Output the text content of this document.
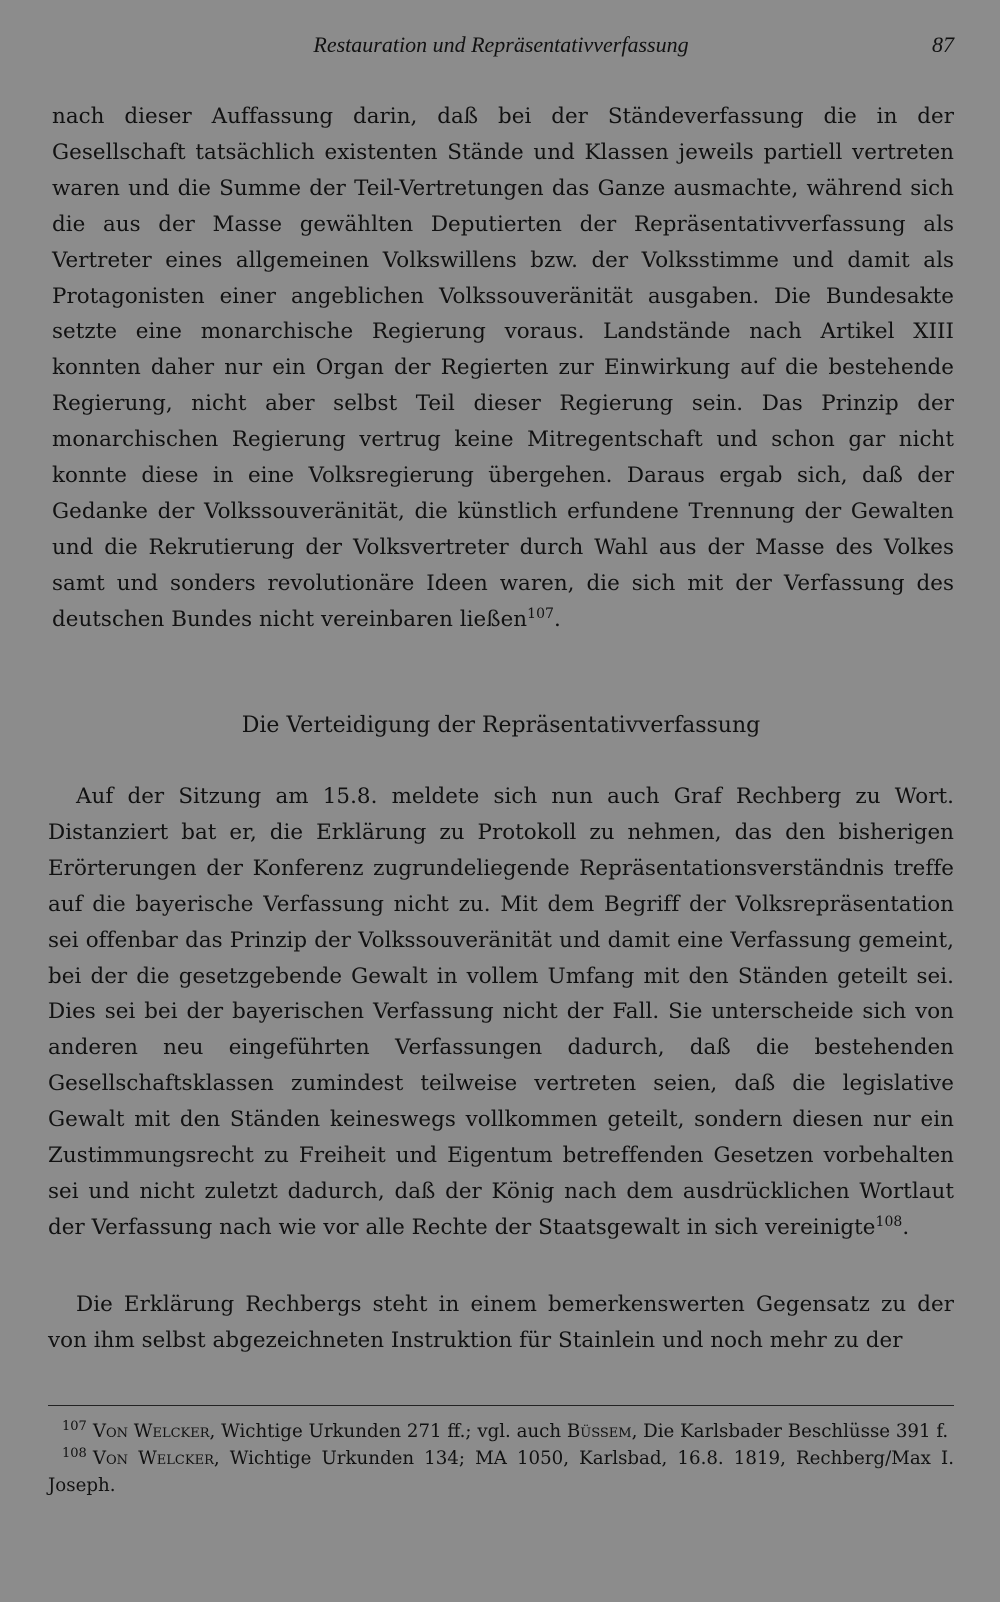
Restauration und Repräsentativverfassung	87

nach dieser Auffassung darin, daß bei der Ständeverfassung die in der Gesellschaft tatsächlich existenten Stände und Klassen jeweils partiell vertreten waren und die Summe der Teil-Vertretungen das Ganze ausmachte, während sich die aus der Masse gewählten Deputierten der Repräsentativverfassung als Vertreter eines allgemeinen Volkswillens bzw. der Volksstimme und damit als Protagonisten einer angeblichen Volkssouveränität ausgaben. Die Bundesakte setzte eine monarchische Regierung voraus. Landstände nach Artikel XIII konnten daher nur ein Organ der Regierten zur Einwirkung auf die bestehende Regierung, nicht aber selbst Teil dieser Regierung sein. Das Prinzip der monarchischen Regierung vertrug keine Mitregentschaft und schon gar nicht konnte diese in eine Volksregierung übergehen. Daraus ergab sich, daß der Gedanke der Volkssouveränität, die künstlich erfundene Trennung der Gewalten und die Rekrutierung der Volksvertreter durch Wahl aus der Masse des Volkes samt und sonders revolutionäre Ideen waren, die sich mit der Verfassung des deutschen Bundes nicht vereinbaren ließen$^{107}$.

Die Verteidigung der Repräsentativverfassung

Auf der Sitzung am 15.8. meldete sich nun auch Graf Rechberg zu Wort. Distanziert bat er, die Erklärung zu Protokoll zu nehmen, das den bisherigen Erörterungen der Konferenz zugrundeliegende Repräsentationsverständnis treffe auf die bayerische Verfassung nicht zu. Mit dem Begriff der Volksrepräsentation sei offenbar das Prinzip der Volkssouveränität und damit eine Verfassung gemeint, bei der die gesetzgebende Gewalt in vollem Umfang mit den Ständen geteilt sei. Dies sei bei der bayerischen Verfassung nicht der Fall. Sie unterscheide sich von anderen neu eingeführten Verfassungen dadurch, daß die bestehenden Gesellschaftsklassen zumindest teilweise vertreten seien, daß die legislative Gewalt mit den Ständen keineswegs vollkommen geteilt, sondern diesen nur ein Zustimmungsrecht zu Freiheit und Eigentum betreffenden Gesetzen vorbehalten sei und nicht zuletzt dadurch, daß der König nach dem ausdrücklichen Wortlaut der Verfassung nach wie vor alle Rechte der Staatsgewalt in sich vereinigte$^{108}$.

Die Erklärung Rechbergs steht in einem bemerkenswerten Gegensatz zu der von ihm selbst abgezeichneten Instruktion für Stainlein und noch mehr zu der

$^{107}$ Von Welcker, Wichtige Urkunden 271 ff.; vgl. auch Büssem, Die Karlsbader Beschlüsse 391 f.

$^{108}$ Von Welcker, Wichtige Urkunden 134; MA 1050, Karlsbad, 16.8. 1819, Rechberg/Max I. Joseph.
